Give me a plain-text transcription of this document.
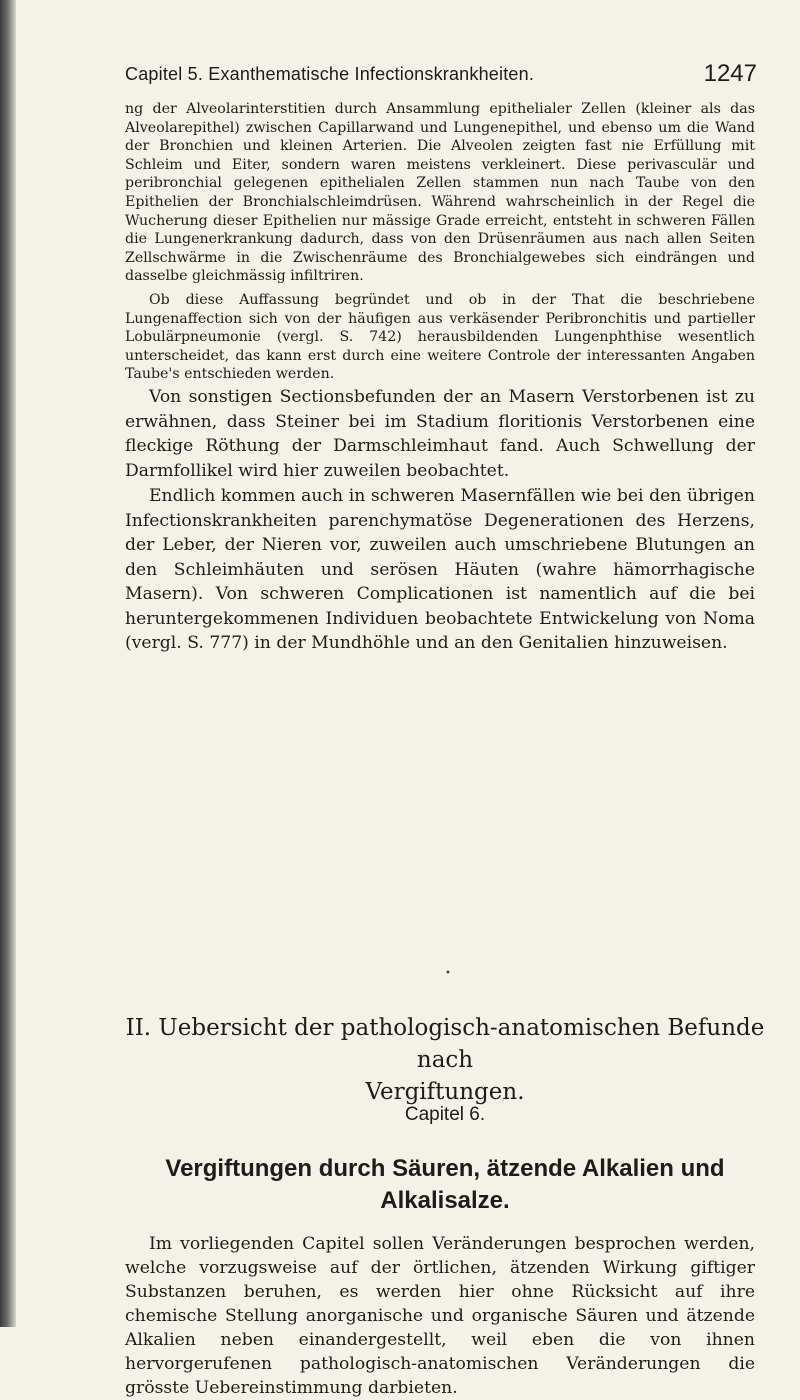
Capitel 5. Exanthematische Infectionskrankheiten.	1247

ng der Alveolarinterstitien durch Ansammlung epithelialer Zellen (kleiner als das Alveolarepithel) zwischen Capillarwand und Lungenepithel, und ebenso um die Wand der Bronchien und kleinen Arterien. Die Alveolen zeigten fast nie Erfüllung mit Schleim und Eiter, sondern waren meistens verkleinert. Diese perivasculär und peribronchial gelegenen epithelialen Zellen stammen nun nach Taube von den Epithelien der Bronchialschleimdrüsen. Während wahrscheinlich in der Regel die Wucherung dieser Epithelien nur mässige Grade erreicht, entsteht in schweren Fällen die Lungenerkrankung dadurch, dass von den Drüsenräumen aus nach allen Seiten Zellschwärme in die Zwischenräume des Bronchialgewebes sich eindrängen und dasselbe gleichmässig infiltriren.

Ob diese Auffassung begründet und ob in der That die beschriebene Lungenaffection sich von der häufigen aus verkäsender Peribronchitis und partieller Lobulärpneumonie (vergl. S. 742) herausbildenden Lungenphthise wesentlich unterscheidet, das kann erst durch eine weitere Controle der interessanten Angaben Taube's entschieden werden.

Von sonstigen Sectionsbefunden der an Masern Verstorbenen ist zu erwähnen, dass Steiner bei im Stadium floritionis Verstorbenen eine fleckige Röthung der Darmschleimhaut fand. Auch Schwellung der Darmfollikel wird hier zuweilen beobachtet.

Endlich kommen auch in schweren Masernfällen wie bei den übrigen Infectionskrankheiten parenchymatöse Degenerationen des Herzens, der Leber, der Nieren vor, zuweilen auch umschriebene Blutungen an den Schleimhäuten und serösen Häuten (wahre hämorrhagische Masern). Von schweren Complicationen ist namentlich auf die bei heruntergekommenen Individuen beobachtete Entwickelung von Noma (vergl. S. 777) in der Mundhöhle und an den Genitalien hinzuweisen.

•
II. Uebersicht der pathologisch-anatomischen Befunde nach
Vergiftungen.
Capitel 6.
Vergiftungen durch Säuren, ätzende Alkalien und
Alkalisalze.

Im vorliegenden Capitel sollen Veränderungen besprochen werden, welche vorzugsweise auf der örtlichen, ätzenden Wirkung giftiger Substanzen beruhen, es werden hier ohne Rücksicht auf ihre chemische Stellung anorganische und organische Säuren und ätzende Alkalien neben einandergestellt, weil eben die von ihnen hervorgerufenen pathologisch-anatomischen Veränderungen die grösste Uebereinstimmung darbieten.
